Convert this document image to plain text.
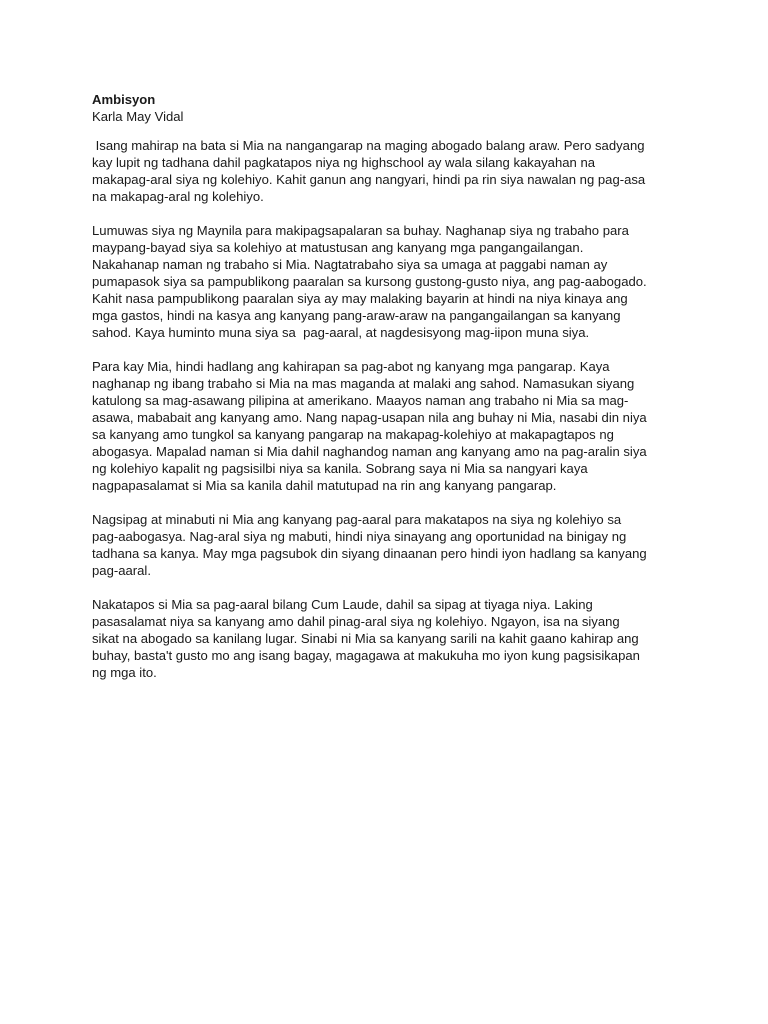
Ambisyon
Karla May Vidal
Isang mahirap na bata si Mia na nangangarap na maging abogado balang araw. Pero sadyang
kay lupit ng tadhana dahil pagkatapos niya ng highschool ay wala silang kakayahan na
makapag-aral siya ng kolehiyo. Kahit ganun ang nangyari, hindi pa rin siya nawalan ng pag-asa
na makapag-aral ng kolehiyo.
Lumuwas siya ng Maynila para makipagsapalaran sa buhay. Naghanap siya ng trabaho para
maypang-bayad siya sa kolehiyo at matustusan ang kanyang mga pangangailangan.
Nakahanap naman ng trabaho si Mia. Nagtatrabaho siya sa umaga at paggabi naman ay
pumapasok siya sa pampublikong paaralan sa kursong gustong-gusto niya, ang pag-aabogado.
Kahit nasa pampublikong paaralan siya ay may malaking bayarin at hindi na niya kinaya ang
mga gastos, hindi na kasya ang kanyang pang-araw-araw na pangangailangan sa kanyang
sahod. Kaya huminto muna siya sa  pag-aaral, at nagdesisyong mag-iipon muna siya.
Para kay Mia, hindi hadlang ang kahirapan sa pag-abot ng kanyang mga pangarap. Kaya
naghanap ng ibang trabaho si Mia na mas maganda at malaki ang sahod. Namasukan siyang
katulong sa mag-asawang pilipina at amerikano. Maayos naman ang trabaho ni Mia sa mag-
asawa, mababait ang kanyang amo. Nang napag-usapan nila ang buhay ni Mia, nasabi din niya
sa kanyang amo tungkol sa kanyang pangarap na makapag-kolehiyo at makapagtapos ng
abogasya. Mapalad naman si Mia dahil naghandog naman ang kanyang amo na pag-aralin siya
ng kolehiyo kapalit ng pagsisilbi niya sa kanila. Sobrang saya ni Mia sa nangyari kaya
nagpapasalamat si Mia sa kanila dahil matutupad na rin ang kanyang pangarap.
Nagsipag at minabuti ni Mia ang kanyang pag-aaral para makatapos na siya ng kolehiyo sa
pag-aabogasya. Nag-aral siya ng mabuti, hindi niya sinayang ang oportunidad na binigay ng
tadhana sa kanya. May mga pagsubok din siyang dinaanan pero hindi iyon hadlang sa kanyang
pag-aaral.
Nakatapos si Mia sa pag-aaral bilang Cum Laude, dahil sa sipag at tiyaga niya. Laking
pasasalamat niya sa kanyang amo dahil pinag-aral siya ng kolehiyo. Ngayon, isa na siyang
sikat na abogado sa kanilang lugar. Sinabi ni Mia sa kanyang sarili na kahit gaano kahirap ang
buhay, basta't gusto mo ang isang bagay, magagawa at makukuha mo iyon kung pagsisikapan
ng mga ito.
